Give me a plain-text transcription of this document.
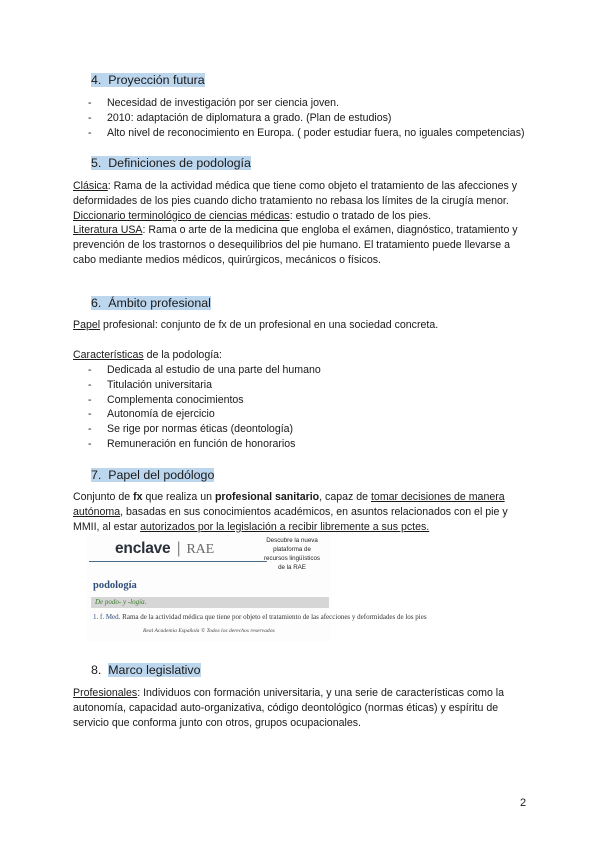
4. Proyección futura
- Necesidad de investigación por ser ciencia joven.
- 2010: adaptación de diplomatura a grado. (Plan de estudios)
- Alto nivel de reconocimiento en Europa. ( poder estudiar fuera, no iguales competencias)
5. Definiciones de podología
Clásica: Rama de la actividad médica que tiene como objeto el tratamiento de las afecciones y deformidades de los pies cuando dicho tratamiento no rebasa los límites de la cirugía menor.
Diccionario terminológico de ciencias médicas: estudio o tratado de los pies.
Literatura USA: Rama o arte de la medicina que engloba el exámen, diagnóstico, tratamiento y prevención de los trastornos o desequilibrios del pie humano. El tratamiento puede llevarse a cabo mediante medios médicos, quirúrgicos, mecánicos o físicos.
6. Ámbito profesional
Papel profesional: conjunto de fx de un profesional en una sociedad concreta.
Características de la podología:
- Dedicada al estudio de una parte del humano
- Titulación universitaria
- Complementa conocimientos
- Autonomía de ejercicio
- Se rige por normas éticas (deontología)
- Remuneración en función de honorarios
7. Papel del podólogo
Conjunto de fx que realiza un profesional sanitario, capaz de tomar decisiones de manera autónoma, basadas en sus conocimientos académicos, en asuntos relacionados con el pie y MMII, al estar autorizados por la legislación a recibir libremente a sus pctes.
enclave | RAE
Descubre la nueva plataforma de recursos lingüísticos de la RAE
podología
De podo- y -logía.
1. f. Med. Rama de la actividad médica que tiene por objeto el tratamiento de las afecciones y deformidades de los pies
Real Academia Española © Todos los derechos reservados
8. Marco legislativo
Profesionales: Individuos con formación universitaria, y una serie de características como la autonomía, capacidad auto-organizativa, código deontológico (normas éticas) y espíritu de servicio que conforma junto con otros, grupos ocupacionales.
2
